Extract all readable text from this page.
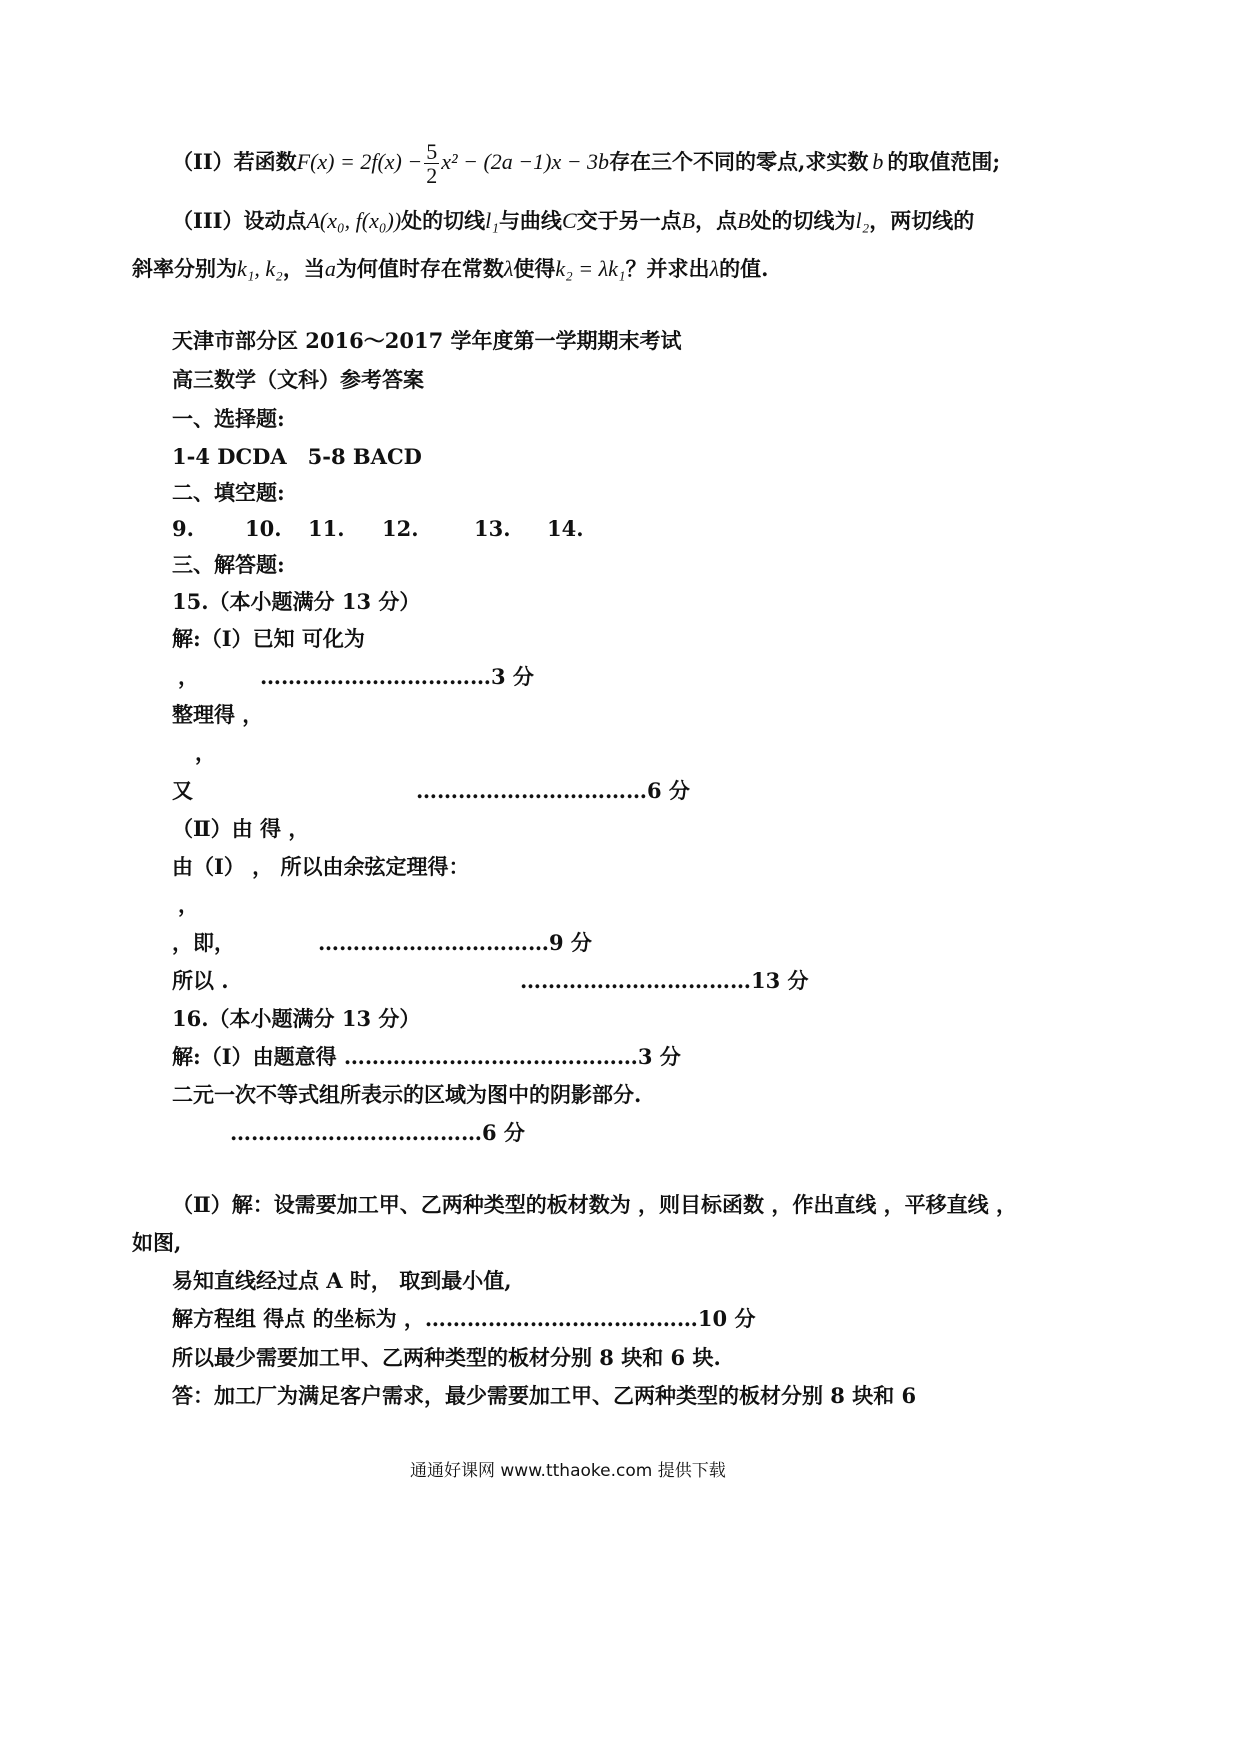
（II）若函数$F(x) = 2f(x) - \frac{5}{2} x^2 - (2a -1)x - 3b$存在三个不同的零点,求实数 b 的取值范围;
（III）设动点A(x₀, f(x₀))处的切线l₁与曲线C交于另一点B，点B处的切线为l₂，两切线的
斜率分别为k₁, k₂，当a为何值时存在常数λ使得k₂ = λk₁？并求出λ的值.
天津市部分区 2016～2017 学年度第一学期期末考试
高三数学（文科）参考答案
一、选择题:
1-4 DCDA　5-8 BACD
二、填空题:
9. 10. 11. 12.	13. 14.
三、解答题:
15.（本小题满分 13 分）
解:（Ⅰ）已知 可化为
，	……………………………3 分
整理得 ，
，
又	……………………………6 分
（Ⅱ）由 得 ，
由（Ⅰ） ， 所以由余弦定理得：
，
，即，	……………………………9 分
所以 .	……………………………13 分
16.（本小题满分 13 分）
解:（I）由题意得 ……………………………………3 分
二元一次不等式组所表示的区域为图中的阴影部分.
………………………………6 分
（Ⅱ）解：设需要加工甲、乙两种类型的板材数为 ，则目标函数 ，作出直线 ，平移直线 ，
如图,
易知直线经过点 A 时， 取到最小值,
解方程组 得点 的坐标为 ，…………………………………10 分
所以最少需要加工甲、乙两种类型的板材分别 8 块和 6 块.
答：加工厂为满足客户需求，最少需要加工甲、乙两种类型的板材分别 8 块和 6
通通好课网 www.tthaoke.com 提供下载
